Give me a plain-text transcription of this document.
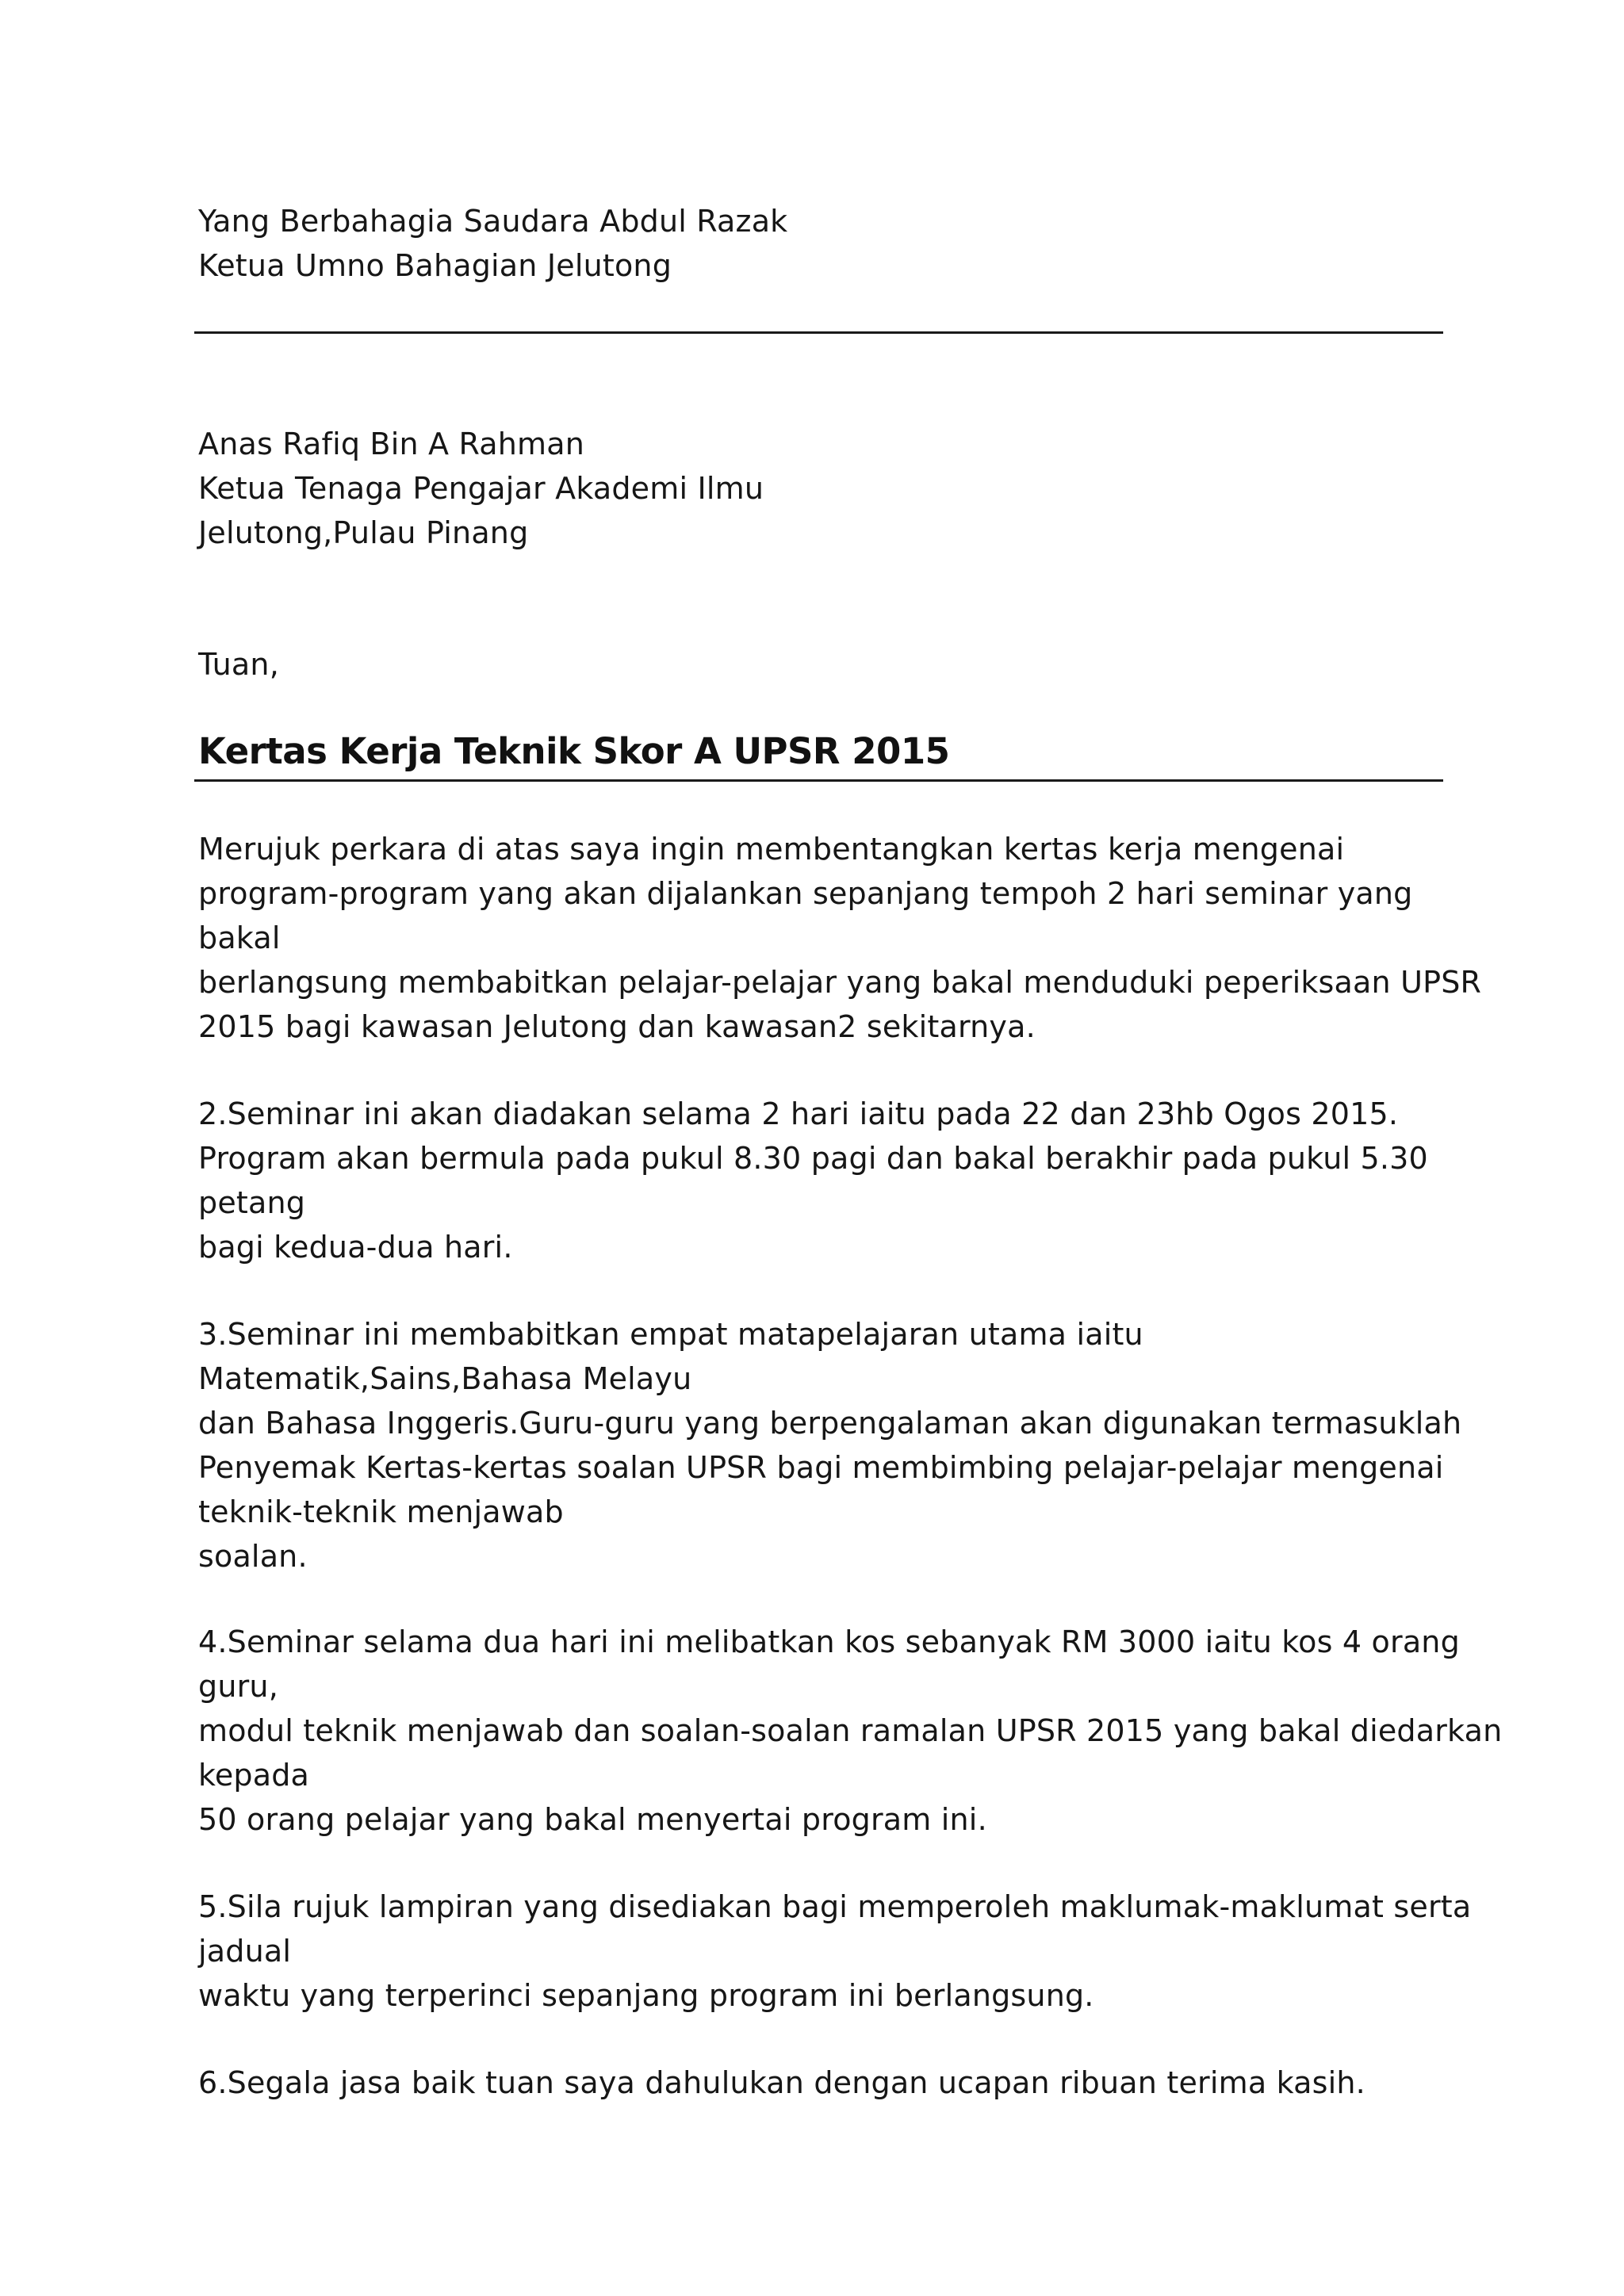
Yang Berbahagia Saudara Abdul Razak

Ketua Umno Bahagian Jelutong

Anas Rafiq Bin A Rahman

Ketua Tenaga Pengajar Akademi Ilmu

Jelutong,Pulau Pinang

Tuan,

Kertas Kerja Teknik Skor A UPSR 2015

Merujuk perkara di atas saya ingin membentangkan kertas kerja mengenai

program-program yang akan dijalankan sepanjang tempoh 2 hari seminar yang

bakal

berlangsung membabitkan pelajar-pelajar yang bakal menduduki peperiksaan UPSR

2015 bagi kawasan Jelutong dan kawasan2 sekitarnya.

2.Seminar ini akan diadakan selama 2 hari iaitu pada 22 dan 23hb Ogos 2015.

Program akan bermula pada pukul 8.30 pagi dan bakal berakhir pada pukul 5.30

petang

bagi kedua-dua hari.

3.Seminar ini membabitkan empat matapelajaran utama iaitu

Matematik,Sains,Bahasa Melayu

dan Bahasa Inggeris.Guru-guru yang berpengalaman akan digunakan termasuklah

Penyemak Kertas-kertas soalan UPSR bagi membimbing pelajar-pelajar mengenai

teknik-teknik menjawab

soalan.

4.Seminar selama dua hari ini melibatkan kos sebanyak RM 3000 iaitu kos 4 orang

guru,

modul teknik menjawab dan soalan-soalan ramalan UPSR 2015 yang bakal diedarkan

kepada

50 orang pelajar yang bakal menyertai program ini.

5.Sila rujuk lampiran yang disediakan bagi memperoleh maklumak-maklumat serta

jadual

waktu yang terperinci sepanjang program ini berlangsung.

6.Segala jasa baik tuan saya dahulukan dengan ucapan ribuan terima kasih.
